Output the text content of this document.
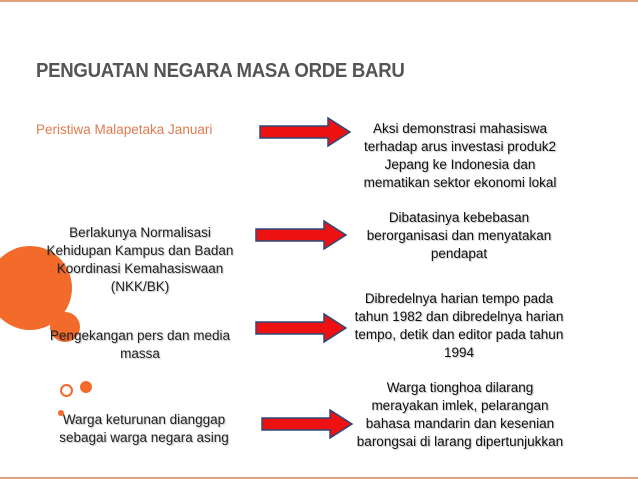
PENGUATAN NEGARA MASA ORDE BARU
Peristiwa Malapetaka Januari	Aksi demonstrasi mahasiswa
terhadap arus investasi produk2
Jepang ke Indonesia dan
mematikan sektor ekonomi lokal
Berlakunya Normalisasi
Kehidupan Kampus dan Badan
Koordinasi Kemahasiswaan
(NKK/BK)
Dibatasinya kebebasan
berorganisasi dan menyatakan
pendapat
Pengekangan pers dan media
massa
Dibredelnya harian tempo pada
tahun 1982 dan dibredelnya harian
tempo, detik dan editor pada tahun
1994
Warga keturunan dianggap
sebagai warga negara asing
Warga tionghoa dilarang
merayakan imlek, pelarangan
bahasa mandarin dan kesenian
barongsai di larang dipertunjukkan
